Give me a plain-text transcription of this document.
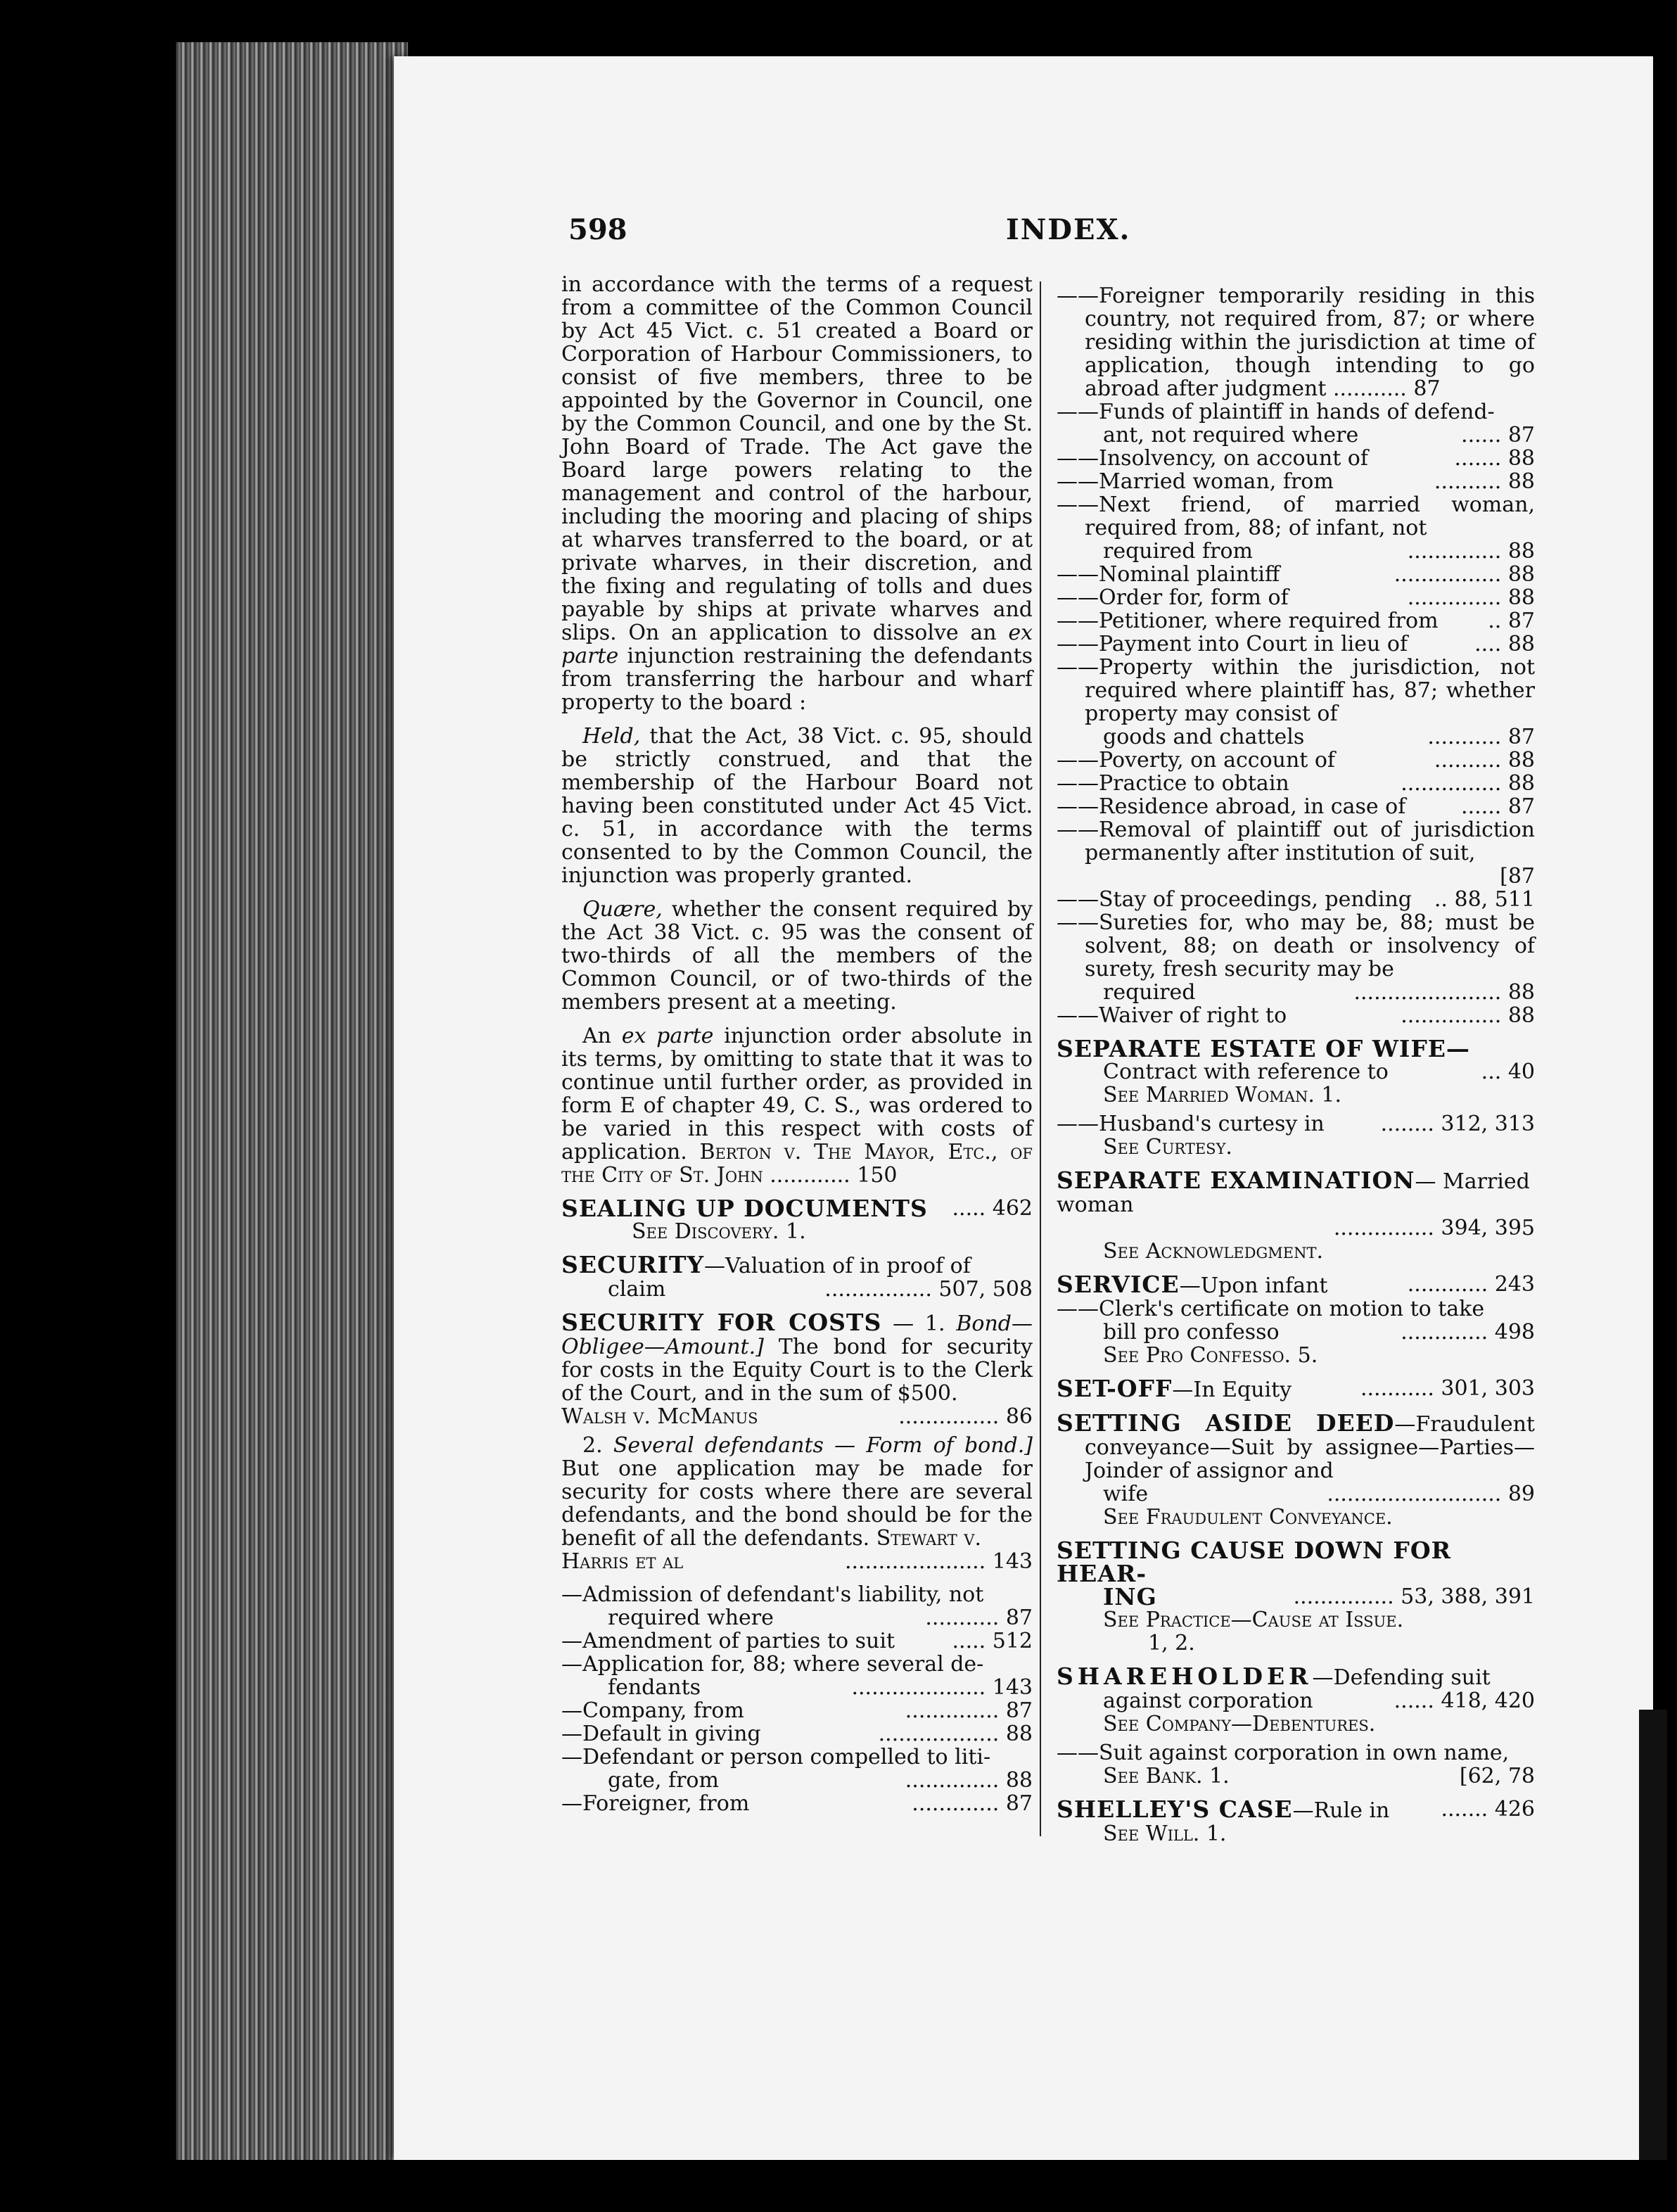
598	INDEX.

in accordance with the terms of a request from a committee of the Common Council by Act 45 Vict. c. 51 created a Board or Corporation of Harbour Commissioners, to consist of five members, three to be appointed by the Governor in Council, one by the Common Council, and one by the St. John Board of Trade. The Act gave the Board large powers relating to the management and control of the harbour, including the mooring and placing of ships at wharves transferred to the board, or at private wharves, in their discretion, and the fixing and regulating of tolls and dues payable by ships at private wharves and slips. On an application to dissolve an ex parte injunction restraining the defendants from transferring the harbour and wharf property to the board :

Held, that the Act, 38 Vict. c. 95, should be strictly construed, and that the membership of the Harbour Board not having been constituted under Act 45 Vict. c. 51, in accordance with the terms consented to by the Common Council, the injunction was properly granted.

Quære, whether the consent required by the Act 38 Vict. c. 95 was the consent of two-thirds of all the members of the Common Council, or of two-thirds of the members present at a meeting.

An ex parte injunction order absolute in its terms, by omitting to state that it was to continue until further order, as provided in form E of chapter 49, C. S., was ordered to be varied in this respect with costs of application. Berton v. The Mayor, Etc., of the City of St. John ............ 150

SEALING UP DOCUMENTS ..... 462
See Discovery. 1.
SECURITY—Valuation of in proof of
claim	................ 507, 508

SECURITY FOR COSTS — 1. Bond—Obligee—Amount.] The bond for security for costs in the Equity Court is to the Clerk of the Court, and in the sum of $500.

Walsh v. McManus	............... 86

2. Several defendants — Form of bond.] But one application may be made for security for costs where there are several defendants, and the bond should be for the benefit of all the defendants. Stewart v.

Harris et al	..................... 143
—Admission of defendant's liability, not
required where	........... 87
—Amendment of parties to suit	..... 512
—Application for, 88; where several de-
fendants	.................... 143
—Company, from	.............. 87
—Default in giving	.................. 88
—Defendant or person compelled to liti-
gate, from	.............. 88
—Foreigner, from	............. 87

——Foreigner temporarily residing in this country, not required from, 87; or where residing within the jurisdiction at time of application, though intending to go abroad after judgment ........... 87

——Funds of plaintiff in hands of defend-
ant, not required where	...... 87
——Insolvency, on account of	....... 88
——Married woman, from	.......... 88

——Next friend, of married woman, required from, 88; of infant, not

required from	.............. 88
——Nominal plaintiff	................ 88
——Order for, form of	.............. 88
——Petitioner, where required from .. 87
——Payment into Court in lieu of	.... 88

——Property within the jurisdiction, not required where plaintiff has, 87; whether property may consist of

goods and chattels	........... 87
——Poverty, on account of	.......... 88
——Practice to obtain	............... 88
——Residence abroad, in case of	...... 87

——Removal of plaintiff out of jurisdiction permanently after institution of suit,

[87
——Stay of proceedings, pending .. 88, 511

——Sureties for, who may be, 88; must be solvent, 88; on death or insolvency of surety, fresh security may be

required	...................... 88
——Waiver of right to	............... 88
SEPARATE ESTATE OF WIFE—
Contract with reference to	... 40
See Married Woman. 1.
——Husband's curtesy in	........ 312, 313
See Curtesy.
SEPARATE EXAMINATION— Married woman
............... 394, 395
See Acknowledgment.
SERVICE—Upon infant	............ 243
——Clerk's certificate on motion to take
bill pro confesso	............. 498
See Pro Confesso. 5.
SET-OFF—In Equity	........... 301, 303

SETTING ASIDE DEED—Fraudulent conveyance—Suit by assignee—Parties—Joinder of assignor and

wife	.......................... 89
See Fraudulent Conveyance.
SETTING CAUSE DOWN FOR HEAR-
ING	............... 53, 388, 391
See Practice—Cause at Issue.
1, 2.
SHAREHOLDER—Defending suit
against corporation	...... 418, 420
See Company—Debentures.
——Suit against corporation in own name,
See Bank. 1.	[62, 78
SHELLEY'S CASE—Rule in ....... 426
See Will. 1.
